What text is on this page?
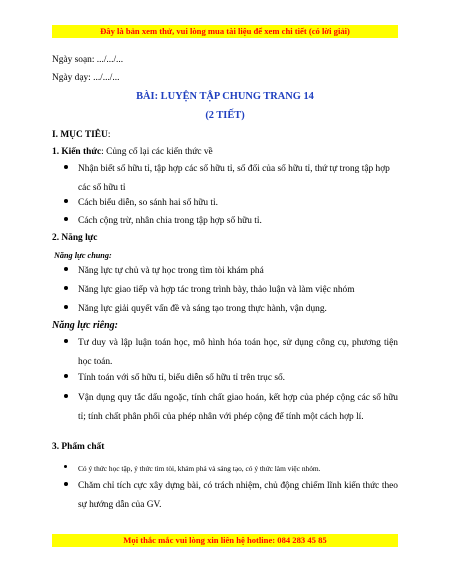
Đây là bản xem thử, vui lòng mua tài liệu để xem chi tiết (có lời giải)
Ngày soạn: .../.../...
Ngày dạy: .../.../...
BÀI: LUYỆN TẬP CHUNG TRANG 14
(2 TIẾT)
I. MỤC TIÊU:
1. Kiến thức: Củng cố lại các kiến thức về
Nhận biết số hữu tỉ, tập hợp các số hữu tỉ, số đối của số hữu tỉ, thứ tự trong tập hợp các số hữu tỉ
Cách biểu diễn, so sánh hai số hữu tỉ.
Cách cộng trừ, nhân chia trong tập hợp số hữu tỉ.
2. Năng lực
Năng lực chung:
Năng lực tự chủ và tự học trong tìm tòi khám phá
Năng lực giao tiếp và hợp tác trong trình bày, thảo luận và làm việc nhóm
Năng lực giải quyết vấn đề và sáng tạo trong thực hành, vận dụng.
Năng lực riêng:
Tư duy và lập luận toán học, mô hình hóa toán học, sử dụng công cụ, phương tiện học toán.
Tính toán với số hữu tỉ, biểu diễn số hữu tỉ trên trục số.
Vận dụng quy tắc dấu ngoặc, tính chất giao hoán, kết hợp của phép cộng các số hữu tỉ; tính chất phân phối của phép nhân với phép cộng để tính một cách hợp lí.
3. Phẩm chất
Có ý thức học tập, ý thức tìm tòi, khám phá và sáng tạo, có ý thức làm việc nhóm.
Chăm chỉ tích cực xây dựng bài, có trách nhiệm, chủ động chiếm lĩnh kiến thức theo sự hướng dẫn của GV.
Mọi thắc mắc vui lòng xin liên hệ hotline: 084 283 45 85
